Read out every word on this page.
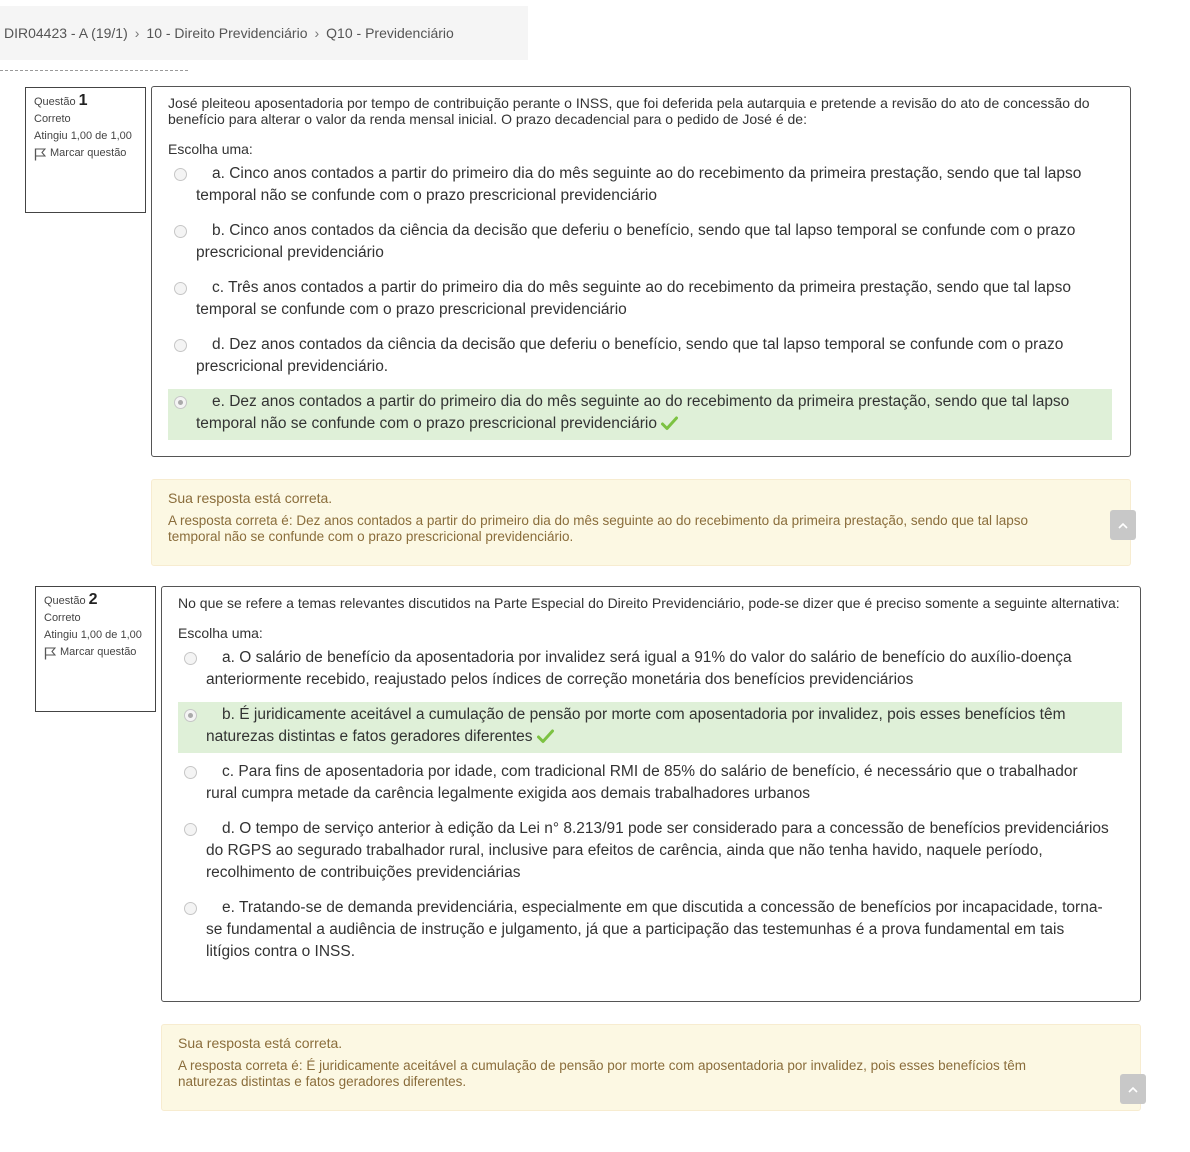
DIR04423 - A (19/1) › 10 - Direito Previdenciário › Q10 - Previdenciário
Questão 1
Correto
Atingiu 1,00 de 1,00
Marcar questão
José pleiteou aposentadoria por tempo de contribuição perante o INSS, que foi deferida pela autarquia e pretende a revisão do ato de concessão do benefício para alterar o valor da renda mensal inicial. O prazo decadencial para o pedido de José é de:
Escolha uma:
a. Cinco anos contados a partir do primeiro dia do mês seguinte ao do recebimento da primeira prestação, sendo que tal lapso temporal não se confunde com o prazo prescricional previdenciário
b. Cinco anos contados da ciência da decisão que deferiu o benefício, sendo que tal lapso temporal se confunde com o prazo prescricional previdenciário
c. Três anos contados a partir do primeiro dia do mês seguinte ao do recebimento da primeira prestação, sendo que tal lapso temporal se confunde com o prazo prescricional previdenciário
d. Dez anos contados da ciência da decisão que deferiu o benefício, sendo que tal lapso temporal se confunde com o prazo prescricional previdenciário.
e. Dez anos contados a partir do primeiro dia do mês seguinte ao do recebimento da primeira prestação, sendo que tal lapso temporal não se confunde com o prazo prescricional previdenciário
Sua resposta está correta.
A resposta correta é: Dez anos contados a partir do primeiro dia do mês seguinte ao do recebimento da primeira prestação, sendo que tal lapso temporal não se confunde com o prazo prescricional previdenciário.
Questão 2
Correto
Atingiu 1,00 de 1,00
Marcar questão
No que se refere a temas relevantes discutidos na Parte Especial do Direito Previdenciário, pode-se dizer que é preciso somente a seguinte alternativa:
Escolha uma:
a. O salário de benefício da aposentadoria por invalidez será igual a 91% do valor do salário de benefício do auxílio-doença anteriormente recebido, reajustado pelos índices de correção monetária dos benefícios previdenciários
b. É juridicamente aceitável a cumulação de pensão por morte com aposentadoria por invalidez, pois esses benefícios têm naturezas distintas e fatos geradores diferentes
c. Para fins de aposentadoria por idade, com tradicional RMI de 85% do salário de benefício, é necessário que o trabalhador rural cumpra metade da carência legalmente exigida aos demais trabalhadores urbanos
d. O tempo de serviço anterior à edição da Lei n° 8.213/91 pode ser considerado para a concessão de benefícios previdenciários do RGPS ao segurado trabalhador rural, inclusive para efeitos de carência, ainda que não tenha havido, naquele período, recolhimento de contribuições previdenciárias
e. Tratando-se de demanda previdenciária, especialmente em que discutida a concessão de benefícios por incapacidade, torna-se fundamental a audiência de instrução e julgamento, já que a participação das testemunhas é a prova fundamental em tais litígios contra o INSS.
Sua resposta está correta.
A resposta correta é: É juridicamente aceitável a cumulação de pensão por morte com aposentadoria por invalidez, pois esses benefícios têm naturezas distintas e fatos geradores diferentes.
